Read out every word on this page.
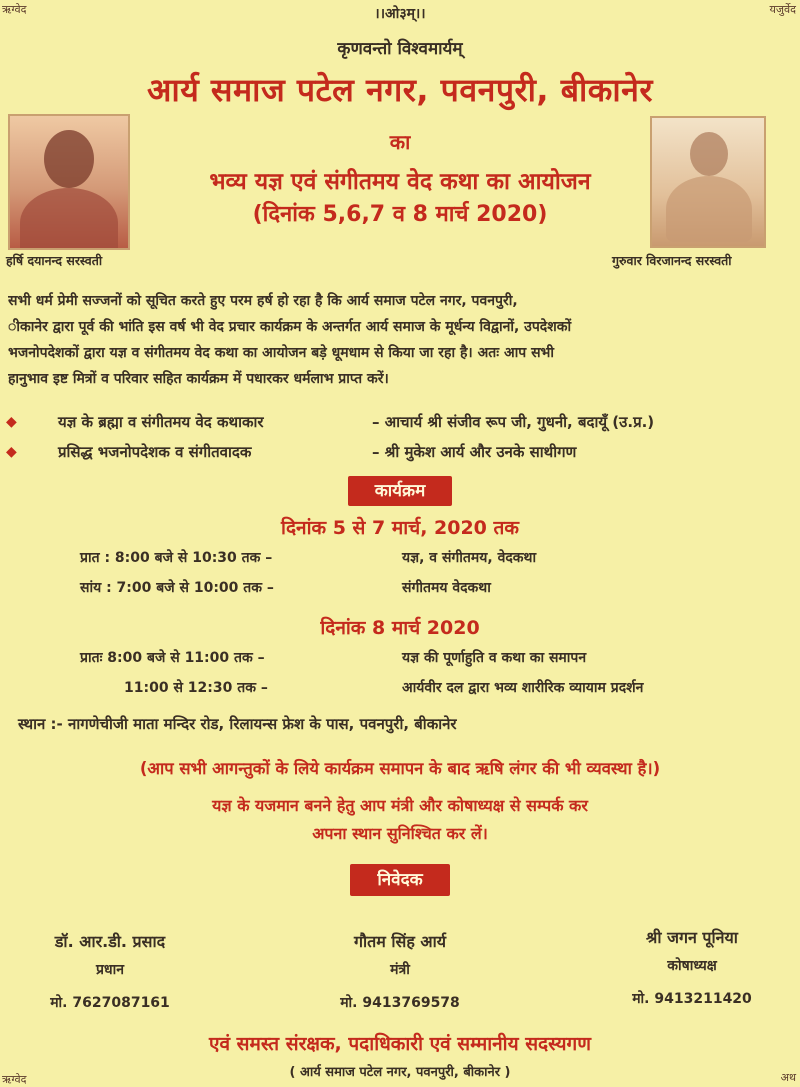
ऋग्वेद	यजुर्वेद
ऋग्वेद	अथ
।।ओ३म्।।
कृणवन्तो विश्वमार्यम्
आर्य समाज पटेल नगर, पवनपुरी, बीकानेर
का
भव्य यज्ञ एवं संगीतमय वेद कथा का आयोजन
(दिनांक 5,6,7 व 8 मार्च 2020)
हर्षि दयानन्द सरस्वती	गुरुवार विरजानन्द सरस्वती
सभी धर्म प्रेमी सज्जनों को सूचित करते हुए परम हर्ष हो रहा है कि आर्य समाज पटेल नगर, पवनपुरी,
ीकानेर द्वारा पूर्व की भांति इस वर्ष भी वेद प्रचार कार्यक्रम के अन्तर्गत आर्य समाज के मूर्धन्य विद्वानों, उपदेशकों
भजनोपदेशकों द्वारा यज्ञ व संगीतमय वेद कथा का आयोजन बड़े धूमधाम से किया जा रहा है। अतः आप सभी
हानुभाव इष्ट मित्रों व परिवार सहित कार्यक्रम में पधारकर धर्मलाभ प्राप्त करें।
◆	यज्ञ के ब्रह्मा व संगीतमय वेद कथाकार	– आचार्य श्री संजीव रूप जी, गुधनी, बदायूँ (उ.प्र.)
◆	प्रसिद्ध भजनोपदेशक व संगीतवादक	– श्री मुकेश आर्य और उनके साथीगण
कार्यक्रम
दिनांक 5 से 7 मार्च, 2020 तक
प्रात : 8:00 बजे से 10:30 तक –	यज्ञ, व संगीतमय, वेदकथा
सांय : 7:00 बजे से 10:00 तक –	संगीतमय वेदकथा
दिनांक 8 मार्च 2020
प्रातः 8:00 बजे से 11:00 तक –	यज्ञ की पूर्णाहुति व कथा का समापन
11:00 से 12:30 तक –	आर्यवीर दल द्वारा भव्य शारीरिक व्यायाम प्रदर्शन
स्थान :- नागणेचीजी माता मन्दिर रोड, रिलायन्स फ्रेश के पास, पवनपुरी, बीकानेर
(आप सभी आगन्तुकों के लिये कार्यक्रम समापन के बाद ऋषि लंगर की भी व्यवस्था है।)
यज्ञ के यजमान बनने हेतु आप मंत्री और कोषाध्यक्ष से सम्पर्क कर
अपना स्थान सुनिश्चित कर लें।
निवेदक
डॉ. आर.डी. प्रसाद
प्रधान
मो. 7627087161
गौतम सिंह आर्य
मंत्री
मो. 9413769578
श्री जगन पूनिया
कोषाध्यक्ष
मो. 9413211420
एवं समस्त संरक्षक, पदाधिकारी एवं सम्मानीय सदस्यगण
( आर्य समाज पटेल नगर, पवनपुरी, बीकानेर )
